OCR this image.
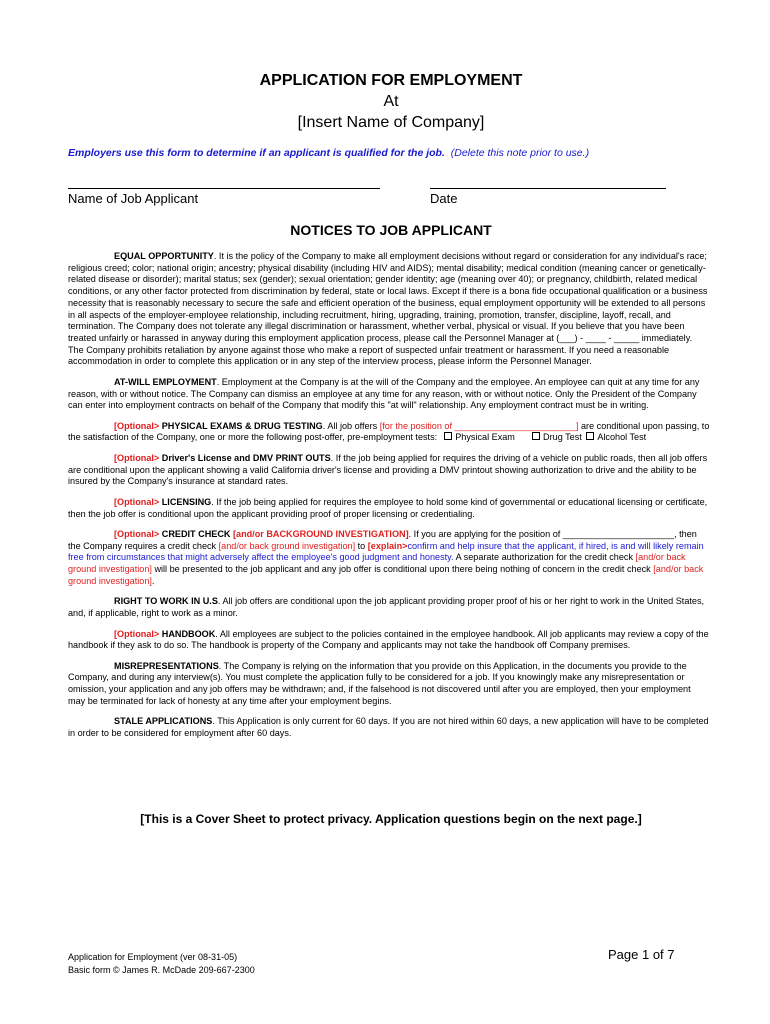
APPLICATION FOR EMPLOYMENT
At
[Insert Name of Company]
Employers use this form to determine if an applicant is qualified for the job. (Delete this note prior to use.)
Name of Job Applicant	Date
NOTICES TO JOB APPLICANT

EQUAL OPPORTUNITY. It is the policy of the Company to make all employment decisions without regard or consideration for any individual's race; religious creed; color; national origin; ancestry; physical disability (including HIV and AIDS); mental disability; medical condition (meaning cancer or genetically-related disease or disorder); marital status; sex (gender); sexual orientation; gender identity; age (meaning over 40); or pregnancy, childbirth, related medical conditions, or any other factor protected from discrimination by federal, state or local laws. Except if there is a bona fide occupational qualification or a business necessity that is reasonably necessary to secure the safe and efficient operation of the business, equal employment opportunity will be extended to all persons in all aspects of the employer-employee relationship, including recruitment, hiring, upgrading, training, promotion, transfer, discipline, layoff, recall, and termination. The Company does not tolerate any illegal discrimination or harassment, whether verbal, physical or visual. If you believe that you have been treated unfairly or harassed in anyway during this employment application process, please call the Personnel Manager at (___) - ____ - _____ immediately. The Company prohibits retaliation by anyone against those who make a report of suspected unfair treatment or harassment. If you need a reasonable accommodation in order to complete this application or in any step of the interview process, please inform the Personnel Manager.

AT-WILL EMPLOYMENT. Employment at the Company is at the will of the Company and the employee. An employee can quit at any time for any reason, with or without notice. The Company can dismiss an employee at any time for any reason, with or without notice. Only the President of the Company can enter into employment contracts on behalf of the Company that modify this "at will" relationship. Any employment contract must be in writing.

[Optional> PHYSICAL EXAMS & DRUG TESTING. All job offers [for the position of ________________________] are conditional upon passing, to the satisfaction of the Company, one or more the following post-offer, pre-employment tests: Physical Exam	Drug Test Alcohol Test

[Optional> Driver's License and DMV PRINT OUTS. If the job being applied for requires the driving of a vehicle on public roads, then all job offers are conditional upon the applicant showing a valid California driver's license and providing a DMV printout showing authorization to drive and the ability to be insured by the Company's insurance at standard rates.

[Optional> LICENSING. If the job being applied for requires the employee to hold some kind of governmental or educational licensing or certificate, then the job offer is conditional upon the applicant providing proof of proper licensing or credentialing.

[Optional> CREDIT CHECK [and/or BACKGROUND INVESTIGATION]. If you are applying for the position of ______________________, then the Company requires a credit check [and/or back ground investigation] to [explain>confirm and help insure that the applicant, if hired, is and will likely remain free from circumstances that might adversely affect the employee's good judgment and honesty. A separate authorization for the credit check [and/or back ground investigation] will be presented to the job applicant and any job offer is conditional upon there being nothing of concern in the credit check [and/or back ground investigation].

RIGHT TO WORK IN U.S. All job offers are conditional upon the job applicant providing proper proof of his or her right to work in the United States, and, if applicable, right to work as a minor.

[Optional> HANDBOOK. All employees are subject to the policies contained in the employee handbook. All job applicants may review a copy of the handbook if they ask to do so. The handbook is property of the Company and applicants may not take the handbook off Company premises.

MISREPRESENTATIONS. The Company is relying on the information that you provide on this Application, in the documents you provide to the Company, and during any interview(s). You must complete the application fully to be considered for a job. If you knowingly make any misrepresentation or omission, your application and any job offers may be withdrawn; and, if the falsehood is not discovered until after you are employed, then your employment may be terminated for lack of honesty at any time after your employment begins.

STALE APPLICATIONS. This Application is only current for 60 days. If you are not hired within 60 days, a new application will have to be completed in order to be considered for employment after 60 days.

[This is a Cover Sheet to protect privacy. Application questions begin on the next page.]
Application for Employment (ver 08-31-05)
Basic form © James R. McDade 209-667-2300
Page 1 of 7
